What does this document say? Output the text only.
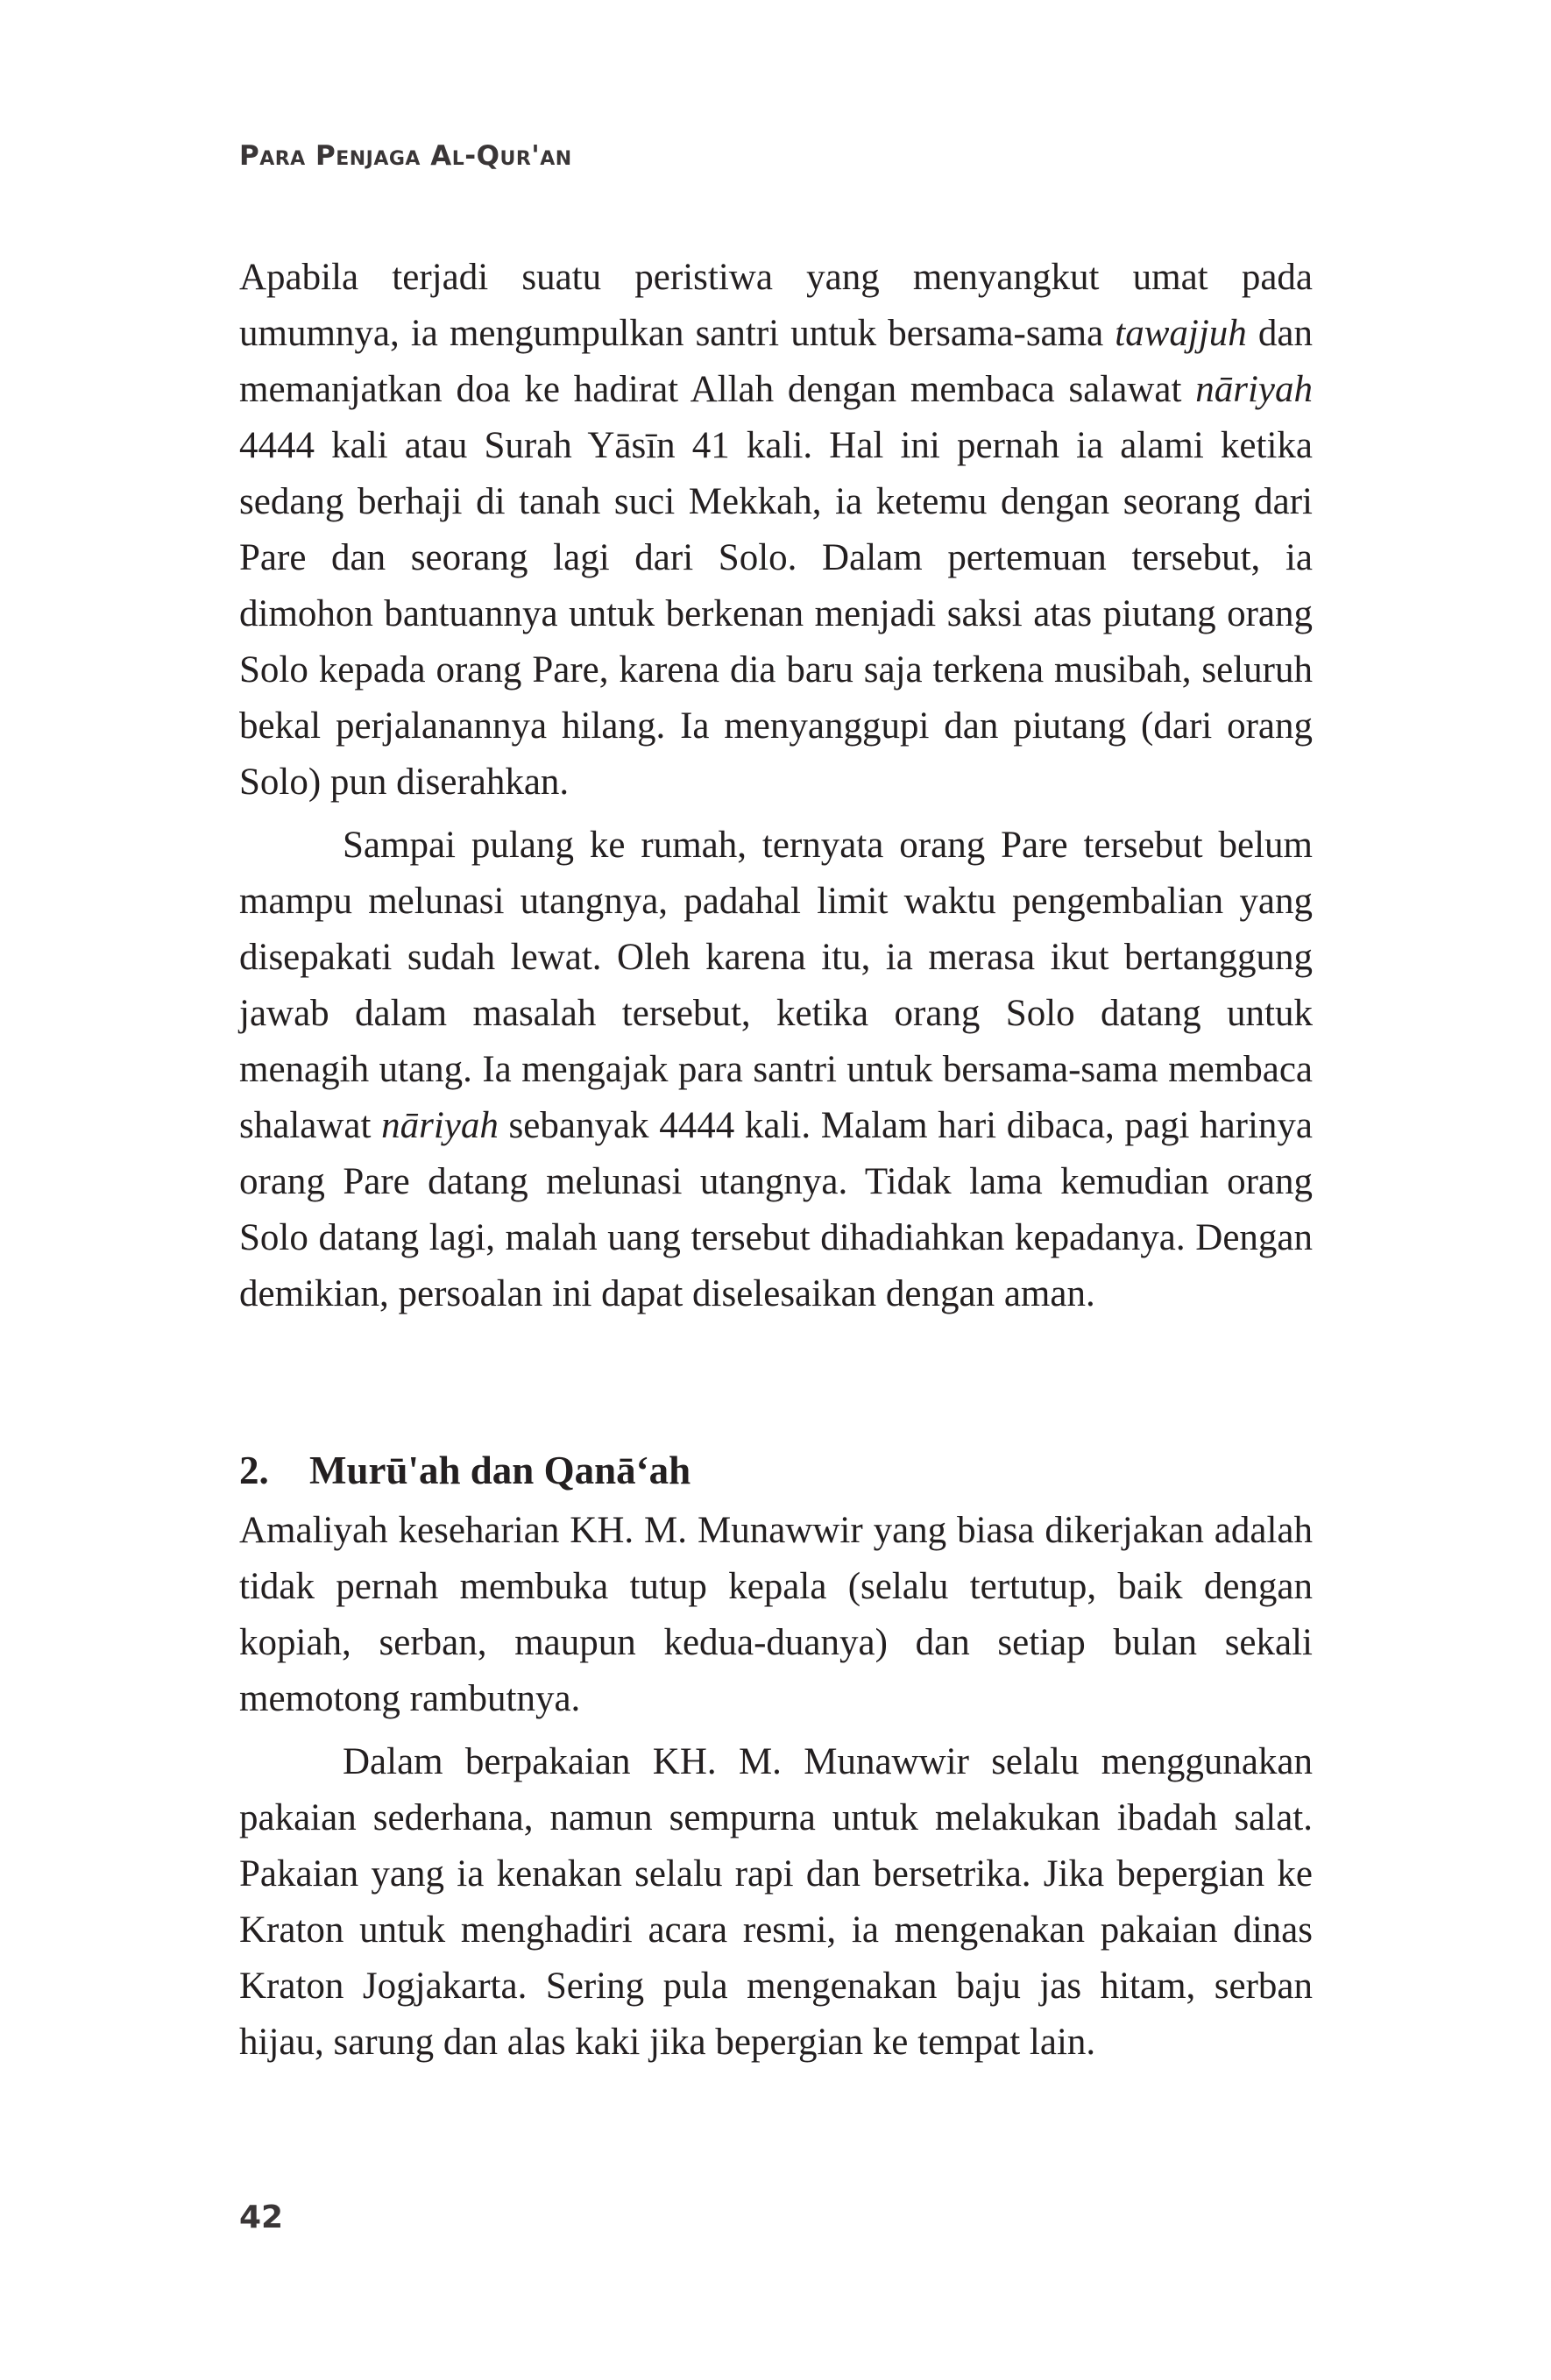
Para Penjaga Al-Qur'an

Apabila terjadi suatu peristiwa yang menyangkut umat pada umumnya, ia mengumpulkan santri untuk bersama-sama tawajjuh dan memanjatkan doa ke hadirat Allah dengan membaca salawat nāriyah 4444 kali atau Surah Yāsīn 41 kali. Hal ini pernah ia alami ketika sedang berhaji di tanah suci Mekkah, ia ketemu dengan seorang dari Pare dan seorang lagi dari Solo. Dalam pertemuan tersebut, ia dimohon bantuannya untuk berkenan menjadi saksi atas piutang orang Solo kepada orang Pare, karena dia baru saja terkena musibah, seluruh bekal perjalanannya hilang. Ia menyanggupi dan piutang (dari orang Solo) pun diserahkan.

Sampai pulang ke rumah, ternyata orang Pare tersebut belum mampu melunasi utangnya, padahal limit waktu pengembalian yang disepakati sudah lewat. Oleh karena itu, ia merasa ikut bertanggung jawab dalam masalah tersebut, ketika orang Solo datang untuk menagih utang. Ia mengajak para santri untuk bersama-sama membaca shalawat nāriyah sebanyak 4444 kali. Malam hari dibaca, pagi harinya orang Pare datang melunasi utangnya. Tidak lama kemudian orang Solo datang lagi, malah uang tersebut dihadiahkan kepadanya. Dengan demikian, persoalan ini dapat diselesaikan dengan aman.

2. Murū'ah dan Qanā‘ah

Amaliyah keseharian KH. M. Munawwir yang biasa dikerjakan adalah tidak pernah membuka tutup kepala (selalu tertutup, baik dengan kopiah, serban, maupun kedua-duanya) dan setiap bulan sekali memotong rambutnya.

Dalam berpakaian KH. M. Munawwir selalu menggunakan pakaian sederhana, namun sempurna untuk melakukan ibadah salat. Pakaian yang ia kenakan selalu rapi dan bersetrika. Jika bepergian ke Kraton untuk menghadiri acara resmi, ia mengenakan pakaian dinas Kraton Jogjakarta. Sering pula mengenakan baju jas hitam, serban hijau, sarung dan alas kaki jika bepergian ke tempat lain.

42
